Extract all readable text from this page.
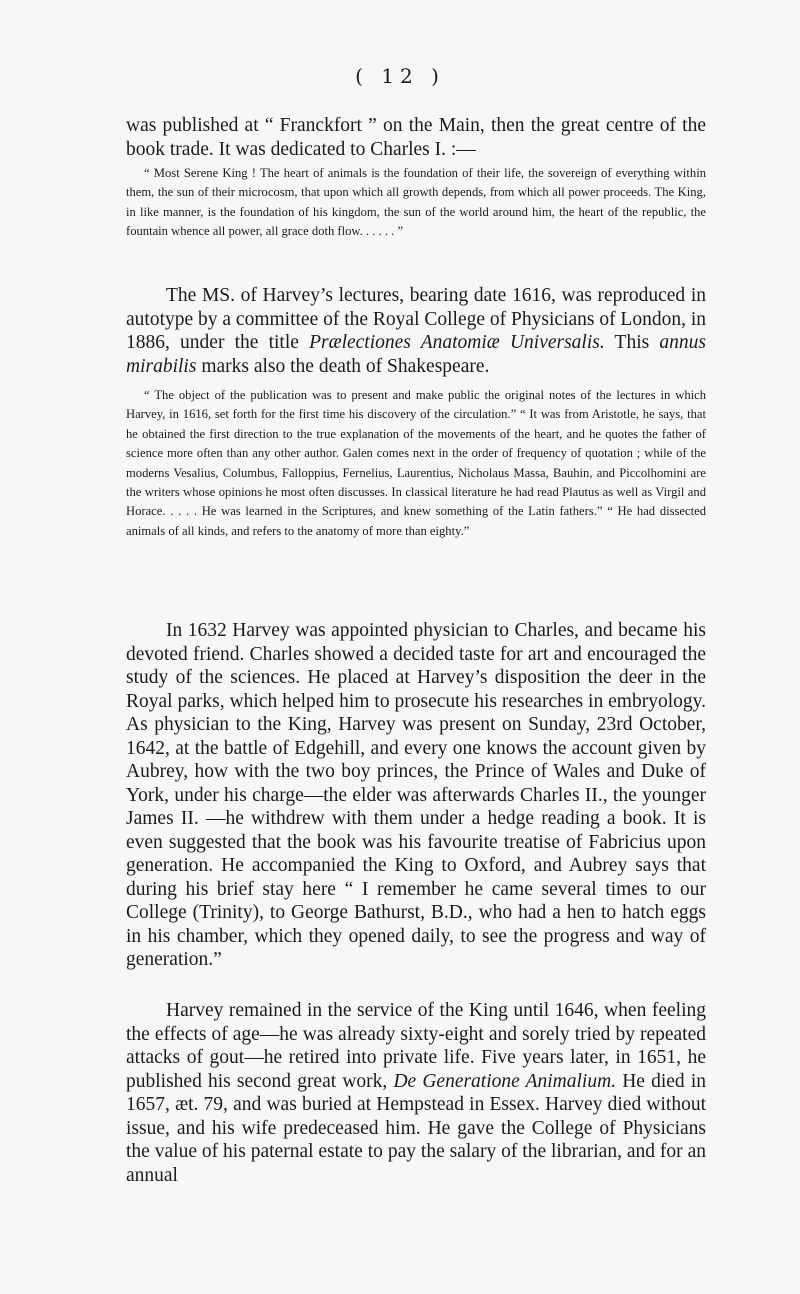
( 12 )

was published at “ Franckfort ” on the Main, then the great centre of the book trade. It was dedicated to Charles I. :—

“ Most Serene King ! The heart of animals is the foundation of their life, the sovereign of everything within them, the sun of their microcosm, that upon which all growth depends, from which all power proceeds. The King, in like manner, is the foundation of his kingdom, the sun of the world around him, the heart of the republic, the fountain whence all power, all grace doth flow. . . . . . ”

The MS. of Harvey’s lectures, bearing date 1616, was reproduced in autotype by a committee of the Royal College of Physicians of London, in 1886, under the title Prælectiones Anatomiæ Universalis. This annus mirabilis marks also the death of Shakespeare.

“ The object of the publication was to present and make public the original notes of the lectures in which Harvey, in 1616, set forth for the first time his discovery of the circulation.” “ It was from Aristotle, he says, that he obtained the first direction to the true explanation of the movements of the heart, and he quotes the father of science more often than any other author. Galen comes next in the order of frequency of quotation ; while of the moderns Vesalius, Columbus, Falloppius, Fernelius, Laurentius, Nicholaus Massa, Bauhin, and Piccolhomini are the writers whose opinions he most often discusses. In classical literature he had read Plautus as well as Virgil and Horace. . . . . He was learned in the Scriptures, and knew something of the Latin fathers.” “ He had dissected animals of all kinds, and refers to the anatomy of more than eighty.”

In 1632 Harvey was appointed physician to Charles, and became his devoted friend. Charles showed a decided taste for art and encouraged the study of the sciences. He placed at Harvey’s disposition the deer in the Royal parks, which helped him to prosecute his researches in embryology. As physician to the King, Harvey was present on Sunday, 23rd October, 1642, at the battle of Edgehill, and every one knows the account given by Aubrey, how with the two boy princes, the Prince of Wales and Duke of York, under his charge—the elder was afterwards Charles II., the younger James II. —he withdrew with them under a hedge reading a book. It is even suggested that the book was his favourite treatise of Fabricius upon generation. He accompanied the King to Oxford, and Aubrey says that during his brief stay here “ I remember he came several times to our College (Trinity), to George Bathurst, B.D., who had a hen to hatch eggs in his chamber, which they opened daily, to see the progress and way of generation.”

Harvey remained in the service of the King until 1646, when feeling the effects of age—he was already sixty-eight and sorely tried by repeated attacks of gout—he retired into private life. Five years later, in 1651, he published his second great work, De Generatione Animalium. He died in 1657, æt. 79, and was buried at Hempstead in Essex. Harvey died without issue, and his wife predeceased him. He gave the College of Physicians the value of his paternal estate to pay the salary of the librarian, and for an annual
